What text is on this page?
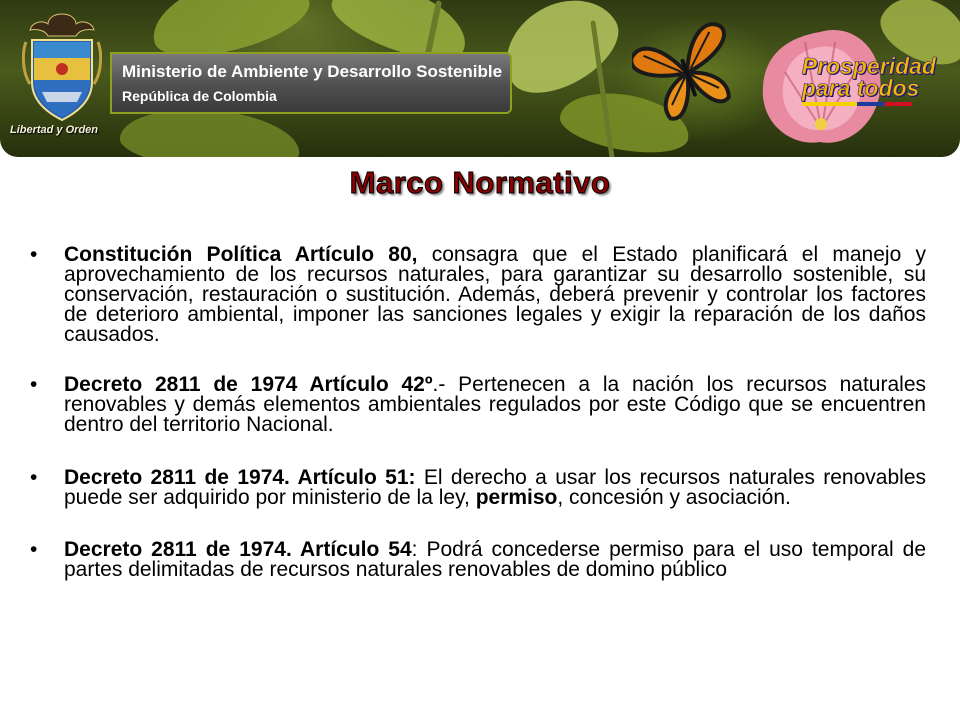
Libertad y Orden
Ministerio de Ambiente y Desarrollo Sostenible
República de Colombia
Prosperidad
para todos
Marco Normativo
• Constitución Política Artículo 80, consagra que el Estado planificará el manejo y aprovechamiento de los recursos naturales, para garantizar su desarrollo sostenible, su conservación, restauración o sustitución. Además, deberá prevenir y controlar los factores de deterioro ambiental, imponer las sanciones legales y exigir la reparación de los daños causados.
• Decreto 2811 de 1974 Artículo 42º.- Pertenecen a la nación los recursos naturales renovables y demás elementos ambientales regulados por este Código que se encuentren dentro del territorio Nacional.
• Decreto 2811 de 1974. Artículo 51: El derecho a usar los recursos naturales renovables puede ser adquirido por ministerio de la ley, permiso, concesión y asociación.
• Decreto 2811 de 1974. Artículo 54: Podrá concederse permiso para el uso temporal de partes delimitadas de recursos naturales renovables de domino público
